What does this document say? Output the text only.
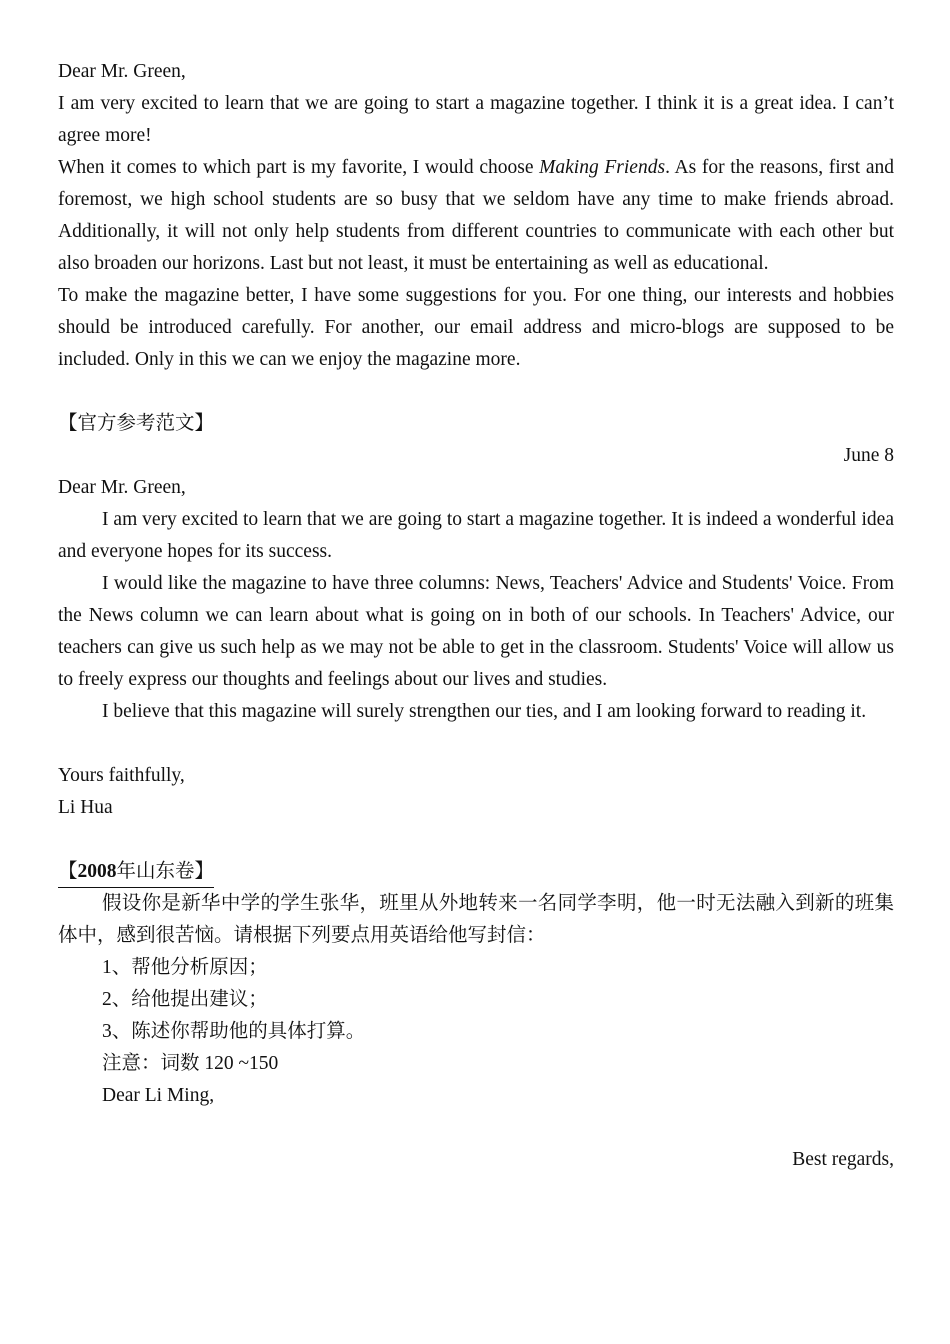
Dear Mr. Green,

I am very excited to learn that we are going to start a magazine together. I think it is a great idea. I can’t agree more!

When it comes to which part is my favorite, I would choose Making Friends. As for the reasons, first and foremost, we high school students are so busy that we seldom have any time to make friends abroad. Additionally, it will not only help students from different countries to communicate with each other but also broaden our horizons. Last but not least, it must be entertaining as well as educational.

To make the magazine better, I have some suggestions for you. For one thing, our interests and hobbies should be introduced carefully. For another, our email address and micro-blogs are supposed to be included. Only in this we can we enjoy the magazine more.

【官方参考范文】

June 8

Dear Mr. Green,

I am very excited to learn that we are going to start a magazine together. It is indeed a wonderful idea and everyone hopes for its success.

I would like the magazine to have three columns: News, Teachers' Advice and Students' Voice. From the News column we can learn about what is going on in both of our schools. In Teachers' Advice, our teachers can give us such help as we may not be able to get in the classroom. Students' Voice will allow us to freely express our thoughts and feelings about our lives and studies.

I believe that this magazine will surely strengthen our ties, and I am looking forward to reading it.

Yours faithfully,

Li Hua

【2008年山东卷】

假设你是新华中学的学生张华，班里从外地转来一名同学李明，他一时无法融入到新的班集体中，感到很苦恼。请根据下列要点用英语给他写封信：

1、帮他分析原因；

2、给他提出建议；

3、陈述你帮助他的具体打算。

注意：词数 120 ~150

Dear Li Ming,

Best regards,
